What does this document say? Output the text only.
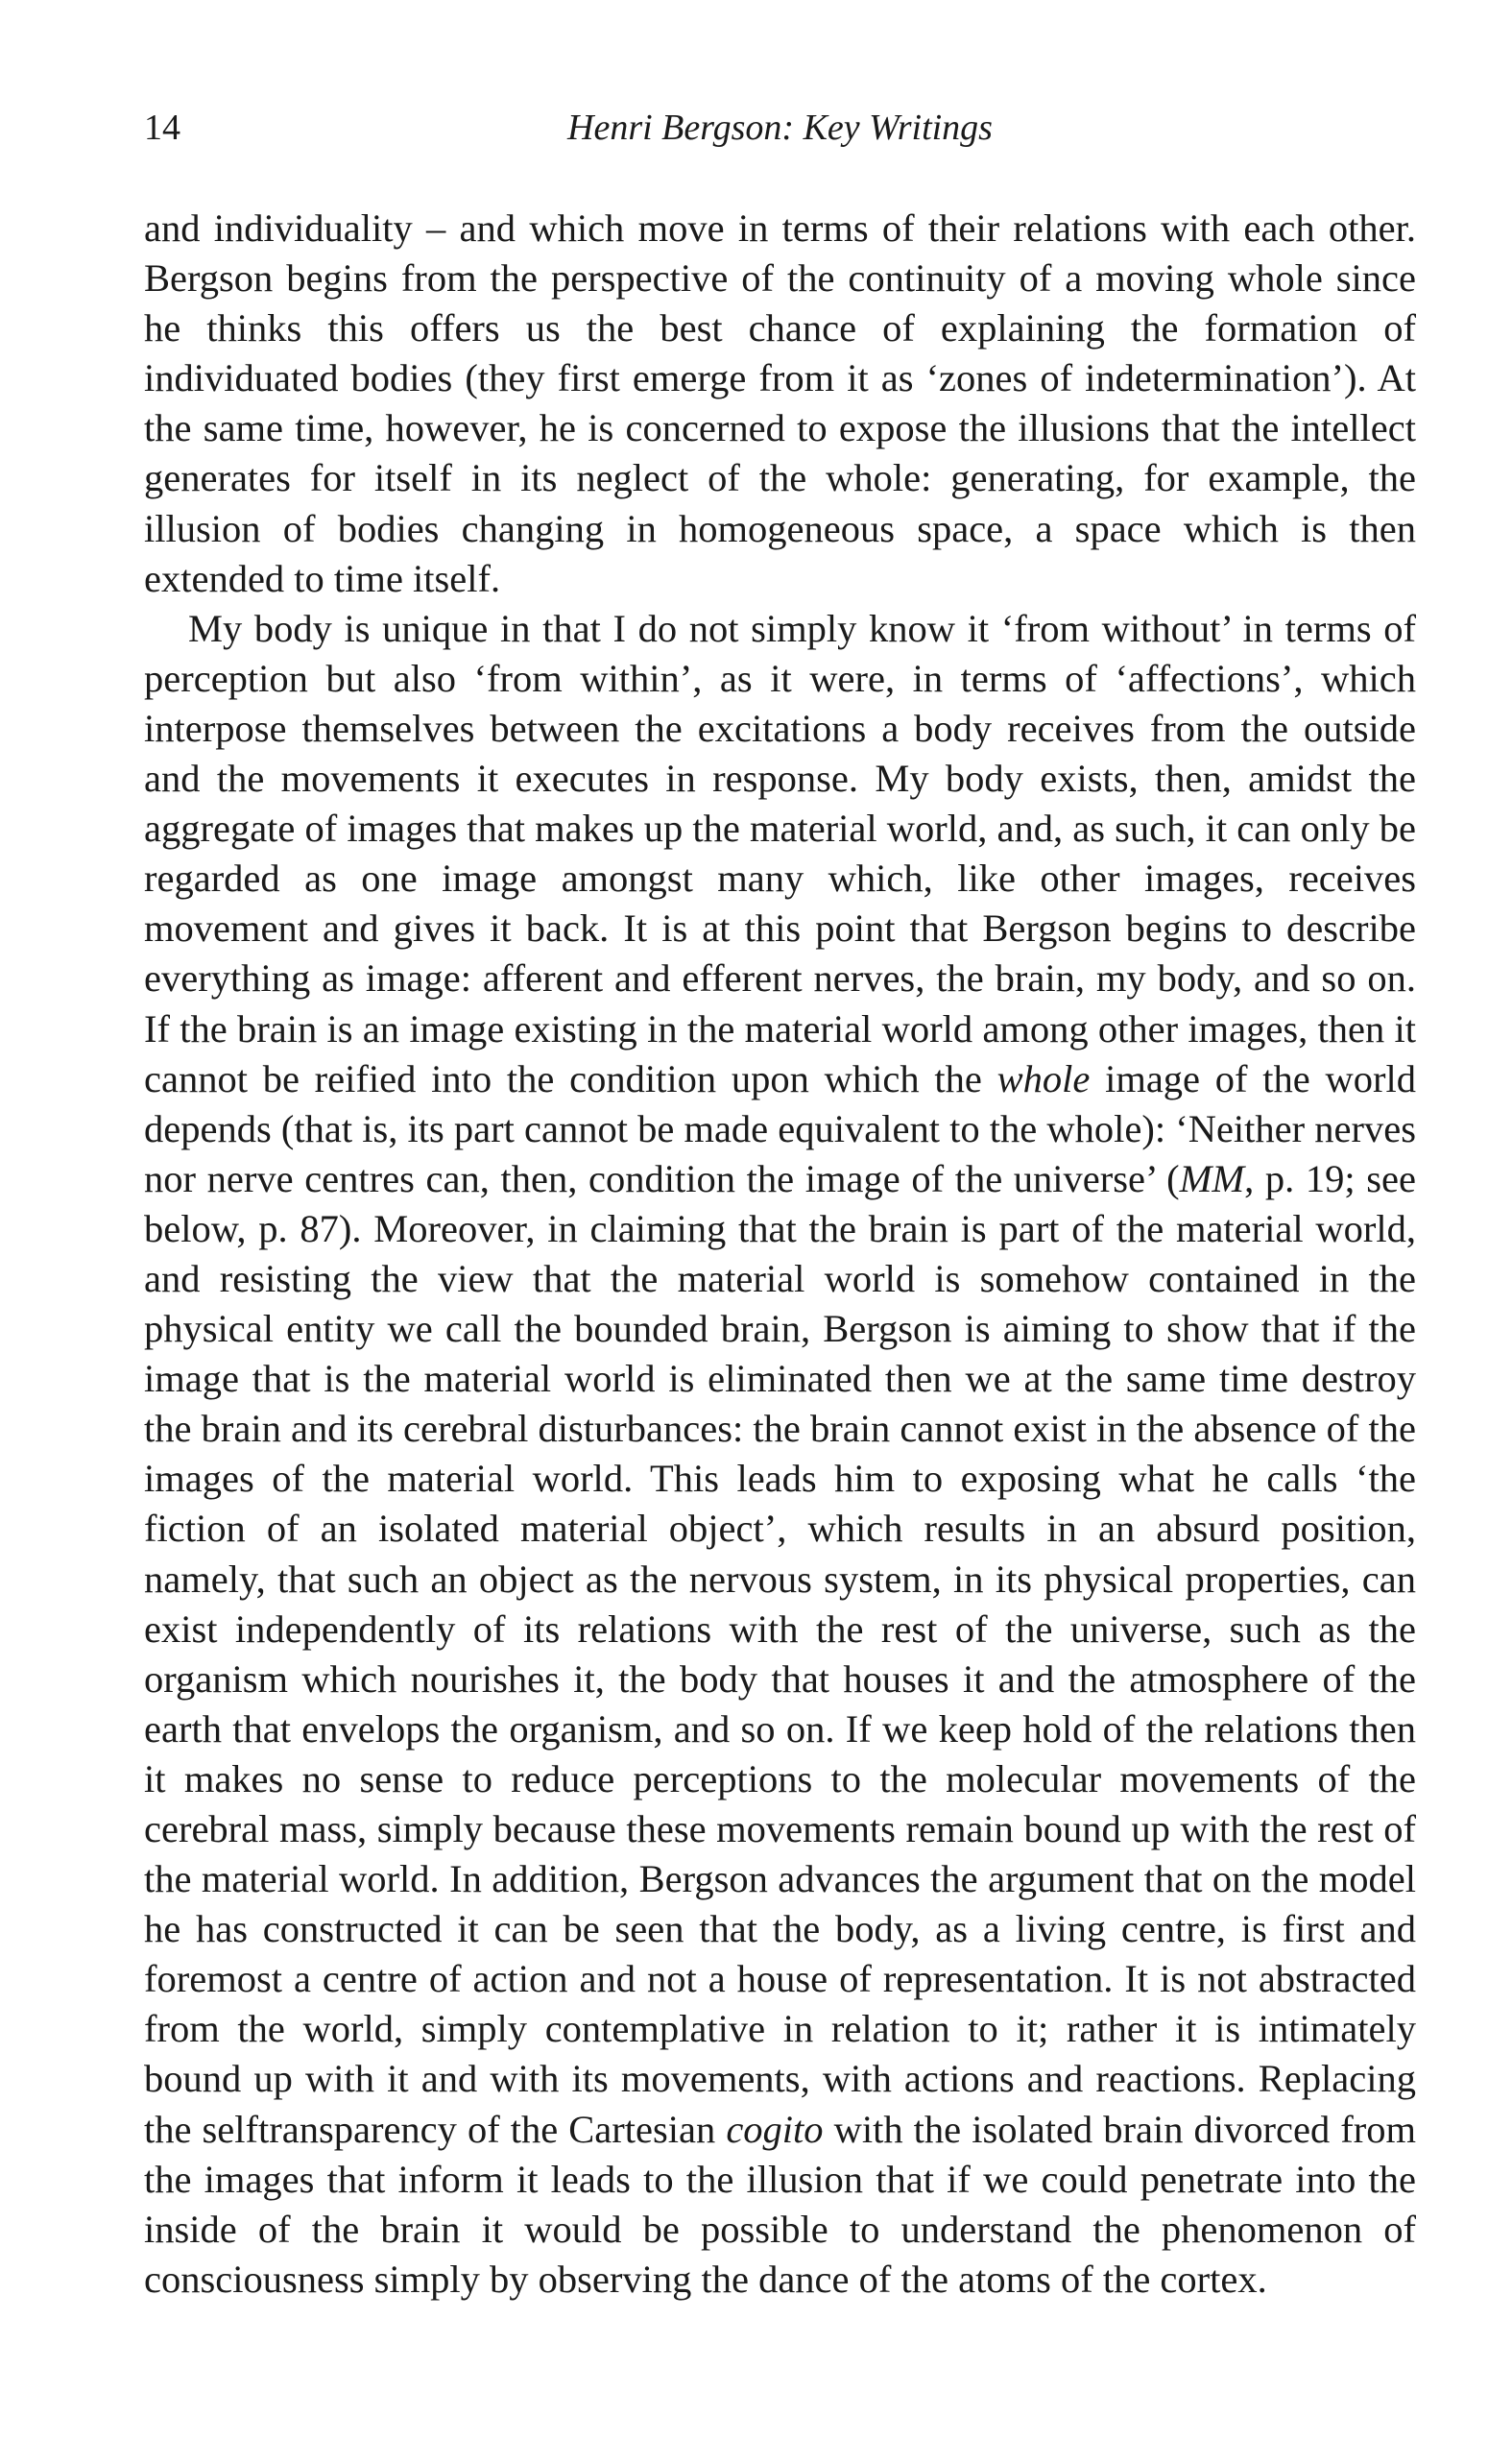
14	Henri Bergson: Key Writings

and individuality – and which move in terms of their relations with each other. Bergson begins from the perspective of the continuity of a moving whole since he thinks this offers us the best chance of explaining the formation of individuated bodies (they first emerge from it as ‘zones of indetermination’). At the same time, however, he is concerned to expose the illusions that the intellect generates for itself in its neglect of the whole: generating, for example, the illusion of bodies changing in homogeneous space, a space which is then extended to time itself.

My body is unique in that I do not simply know it ‘from without’ in terms of perception but also ‘from within’, as it were, in terms of ‘affections’, which interpose themselves between the excitations a body receives from the outside and the movements it executes in response. My body exists, then, amidst the aggregate of images that makes up the material world, and, as such, it can only be regarded as one image amongst many which, like other images, receives movement and gives it back. It is at this point that Bergson begins to describe everything as image: afferent and efferent nerves, the brain, my body, and so on. If the brain is an image existing in the material world among other images, then it cannot be reified into the condition upon which the whole image of the world depends (that is, its part cannot be made equivalent to the whole): ‘Neither nerves nor nerve centres can, then, condition the image of the universe’ (MM, p. 19; see below, p. 87). Moreover, in claiming that the brain is part of the material world, and resisting the view that the material world is somehow contained in the physical entity we call the bounded brain, Bergson is aiming to show that if the image that is the material world is eliminated then we at the same time destroy the brain and its cerebral disturbances: the brain cannot exist in the absence of the images of the material world. This leads him to exposing what he calls ‘the fiction of an isolated material object’, which results in an absurd position, namely, that such an object as the nervous system, in its physical properties, can exist independently of its relations with the rest of the universe, such as the organism which nourishes it, the body that houses it and the atmosphere of the earth that envelops the organism, and so on. If we keep hold of the relations then it makes no sense to reduce perceptions to the molecular movements of the cerebral mass, simply because these movements remain bound up with the rest of the material world. In addition, Bergson advances the argument that on the model he has constructed it can be seen that the body, as a living centre, is first and foremost a centre of action and not a house of representation. It is not abstracted from the world, simply contemplative in relation to it; rather it is intimately bound up with it and with its movements, with actions and reactions. Replacing the selftransparency of the Cartesian cogito with the isolated brain divorced from the images that inform it leads to the illusion that if we could penetrate into the inside of the brain it would be possible to understand the phenomenon of consciousness simply by observing the dance of the atoms of the cortex.
